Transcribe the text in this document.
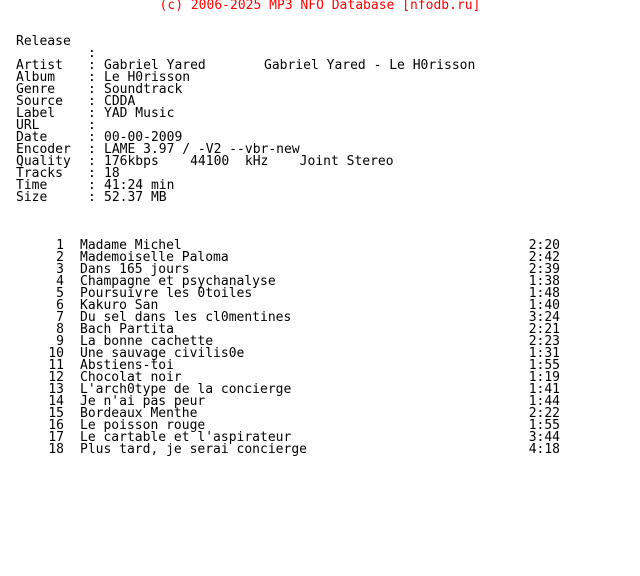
(c) 2006-2025 MP3 NFO Database [nfodb.ru]

Release

:

Gabriel Yared - Le H0risson

Artist : Gabriel Yared
Album	: Le H0risson
Genre	: Soundtrack
Source : CDDA
Label	: YAD Music
URL	:
Date	: 00-00-2009
Encoder : LAME 3.97 / -V2 --vbr-new
Quality : 176kbps    44100  kHz    Joint Stereo
Tracks : 18
Time	: 41:24 min
Size	: 52.37 MB
1 Madame Michel	2:20
2 Mademoiselle Paloma	2:42
3 Dans 165 jours	2:39
4 Champagne et psychanalyse	1:38
5 Poursuivre les 0toiles	1:48
6 Kakuro San	1:40
7 Du sel dans les cl0mentines	3:24
8 Bach Partita	2:21
9 La bonne cachette	2:23
10 Une sauvage civilis0e	1:31
11 Abstiens-toi	1:55
12 Chocolat noir	1:19
13 L'arch0type de la concierge	1:41
14 Je n'ai pas peur	1:44
15 Bordeaux Menthe	2:22
16 Le poisson rouge	1:55
17 Le cartable et l'aspirateur	3:44
18 Plus tard, je serai concierge	4:18
